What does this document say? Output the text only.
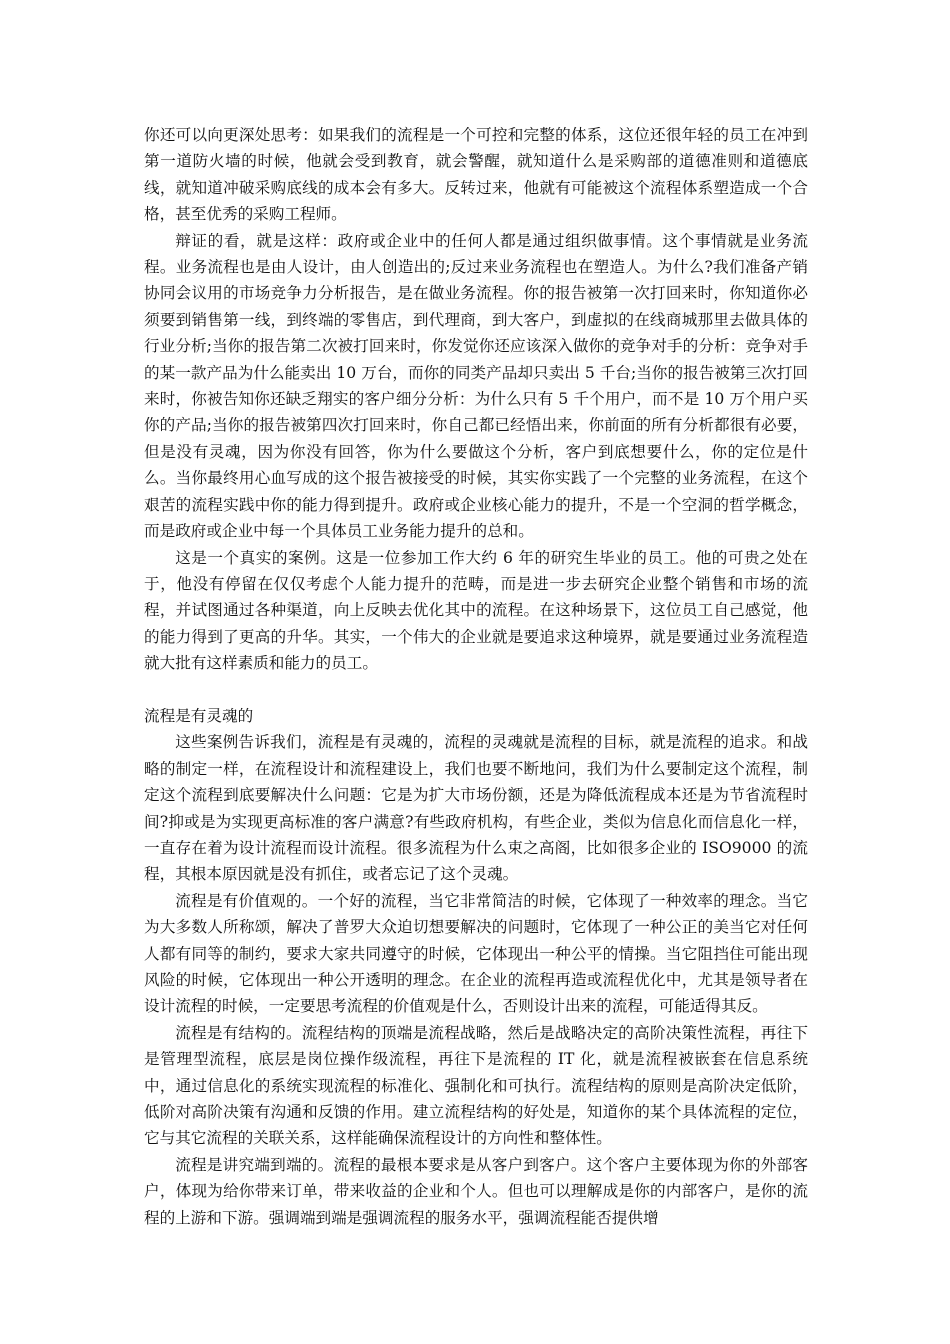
你还可以向更深处思考：如果我们的流程是一个可控和完整的体系，这位还很年轻的员工在冲到第一道防火墙的时候，他就会受到教育，就会警醒，就知道什么是采购部的道德准则和道德底线，就知道冲破采购底线的成本会有多大。反转过来，他就有可能被这个流程体系塑造成一个合格，甚至优秀的采购工程师。

辩证的看，就是这样：政府或企业中的任何人都是通过组织做事情。这个事情就是业务流程。业务流程也是由人设计，由人创造出的;反过来业务流程也在塑造人。为什么?我们准备产销协同会议用的市场竞争力分析报告，是在做业务流程。你的报告被第一次打回来时，你知道你必须要到销售第一线，到终端的零售店，到代理商，到大客户，到虚拟的在线商城那里去做具体的行业分析;当你的报告第二次被打回来时，你发觉你还应该深入做你的竞争对手的分析：竞争对手的某一款产品为什么能卖出 10 万台，而你的同类产品却只卖出 5 千台;当你的报告被第三次打回来时，你被告知你还缺乏翔实的客户细分分析：为什么只有 5 千个用户，而不是 10 万个用户买你的产品;当你的报告被第四次打回来时，你自己都已经悟出来，你前面的所有分析都很有必要，但是没有灵魂，因为你没有回答，你为什么要做这个分析，客户到底想要什么，你的定位是什么。当你最终用心血写成的这个报告被接受的时候，其实你实践了一个完整的业务流程，在这个艰苦的流程实践中你的能力得到提升。政府或企业核心能力的提升，不是一个空洞的哲学概念，而是政府或企业中每一个具体员工业务能力提升的总和。

这是一个真实的案例。这是一位参加工作大约 6 年的研究生毕业的员工。他的可贵之处在于，他没有停留在仅仅考虑个人能力提升的范畴，而是进一步去研究企业整个销售和市场的流程，并试图通过各种渠道，向上反映去优化其中的流程。在这种场景下，这位员工自己感觉，他的能力得到了更高的升华。其实，一个伟大的企业就是要追求这种境界，就是要通过业务流程造就大批有这样素质和能力的员工。

流程是有灵魂的

这些案例告诉我们，流程是有灵魂的，流程的灵魂就是流程的目标，就是流程的追求。和战略的制定一样，在流程设计和流程建设上，我们也要不断地问，我们为什么要制定这个流程，制定这个流程到底要解决什么问题：它是为扩大市场份额，还是为降低流程成本还是为节省流程时间?抑或是为实现更高标准的客户满意?有些政府机构，有些企业，类似为信息化而信息化一样，一直存在着为设计流程而设计流程。很多流程为什么束之高阁，比如很多企业的 ISO9000 的流程，其根本原因就是没有抓住，或者忘记了这个灵魂。

流程是有价值观的。一个好的流程，当它非常简洁的时候，它体现了一种效率的理念。当它为大多数人所称颂，解决了普罗大众迫切想要解决的问题时，它体现了一种公正的美当它对任何人都有同等的制约，要求大家共同遵守的时候，它体现出一种公平的情操。当它阻挡住可能出现风险的时候，它体现出一种公开透明的理念。在企业的流程再造或流程优化中，尤其是领导者在设计流程的时候，一定要思考流程的价值观是什么，否则设计出来的流程，可能适得其反。

流程是有结构的。流程结构的顶端是流程战略，然后是战略决定的高阶决策性流程，再往下是管理型流程，底层是岗位操作级流程，再往下是流程的 IT 化，就是流程被嵌套在信息系统中，通过信息化的系统实现流程的标准化、强制化和可执行。流程结构的原则是高阶决定低阶，低阶对高阶决策有沟通和反馈的作用。建立流程结构的好处是，知道你的某个具体流程的定位，它与其它流程的关联关系，这样能确保流程设计的方向性和整体性。

流程是讲究端到端的。流程的最根本要求是从客户到客户。这个客户主要体现为你的外部客户，体现为给你带来订单，带来收益的企业和个人。但也可以理解成是你的内部客户，是你的流程的上游和下游。强调端到端是强调流程的服务水平，强调流程能否提供增
